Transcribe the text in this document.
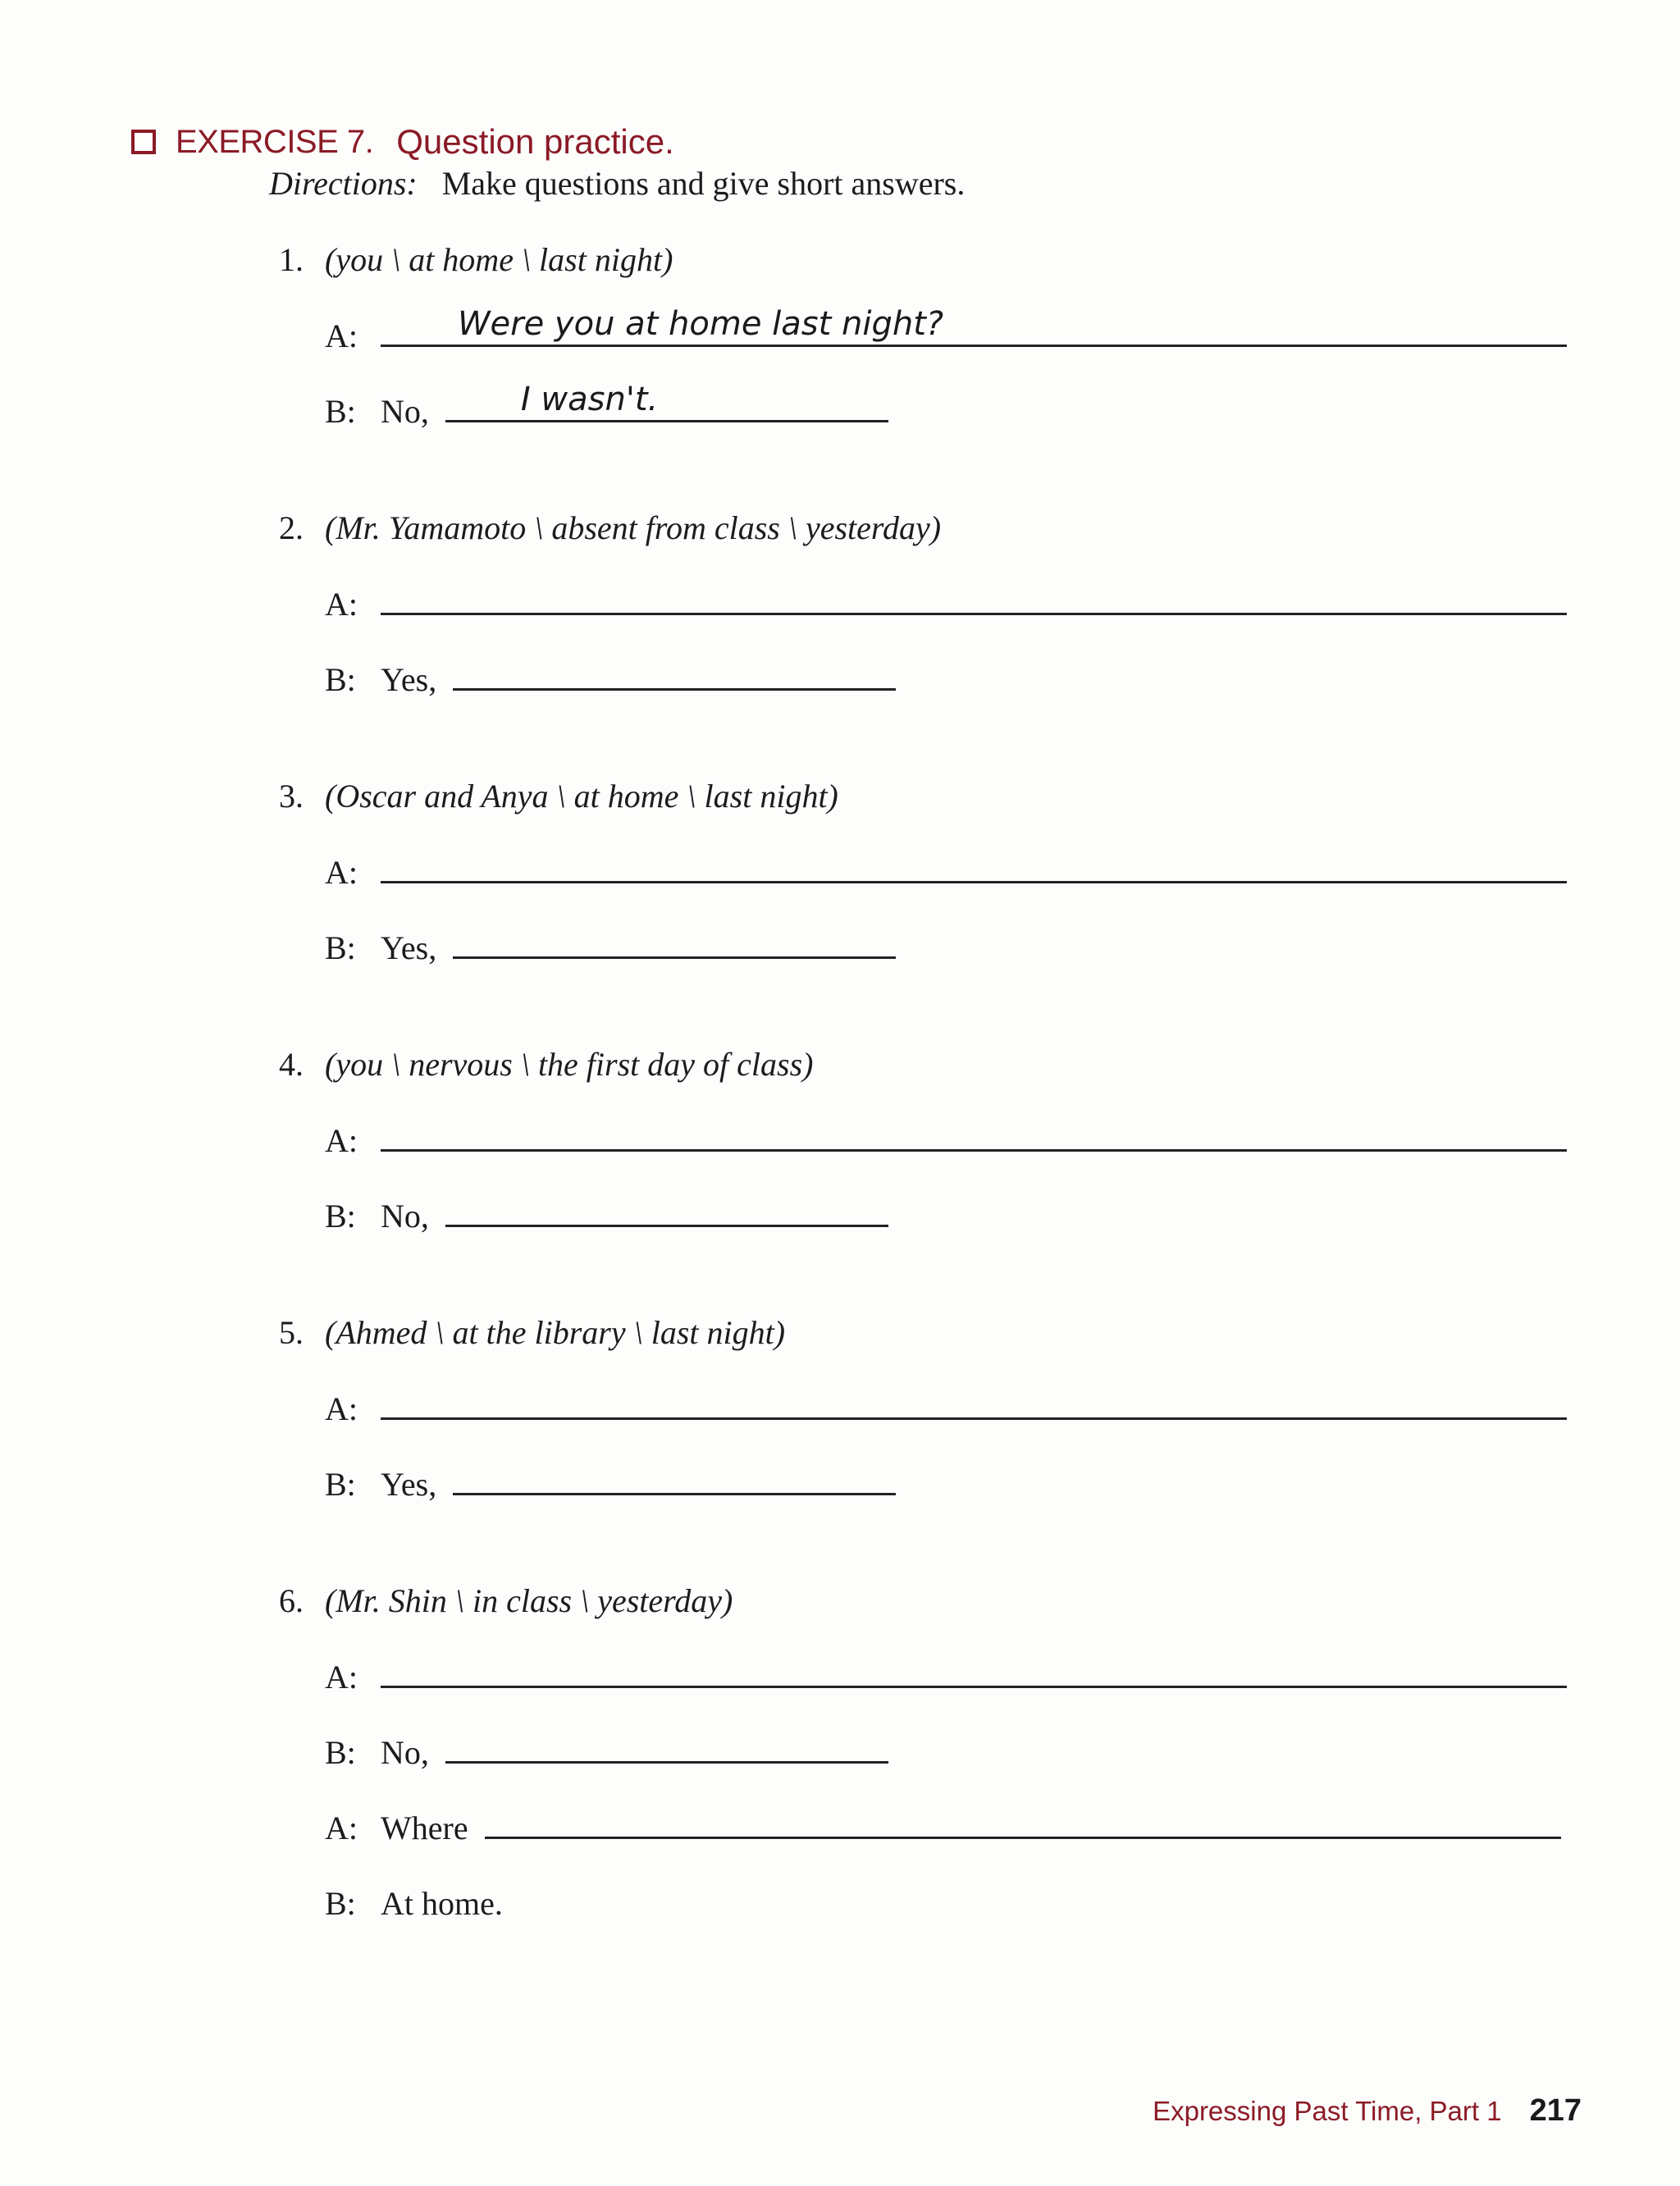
EXERCISE 7. Question practice.
Directions: Make questions and give short answers.
1. (you \ at home \ last night)
A:	Were you at home last night?
B: No,	I wasn't.
2. (Mr. Yamamoto \ absent from class \ yesterday)
A:
B: Yes,
3. (Oscar and Anya \ at home \ last night)
A:
B: Yes,
4. (you \ nervous \ the first day of class)
A:
B: No,
5. (Ahmed \ at the library \ last night)
A:
B: Yes,
6. (Mr. Shin \ in class \ yesterday)
A:
B: No,
A: Where
B: At home.
Expressing Past Time, Part 1 217
